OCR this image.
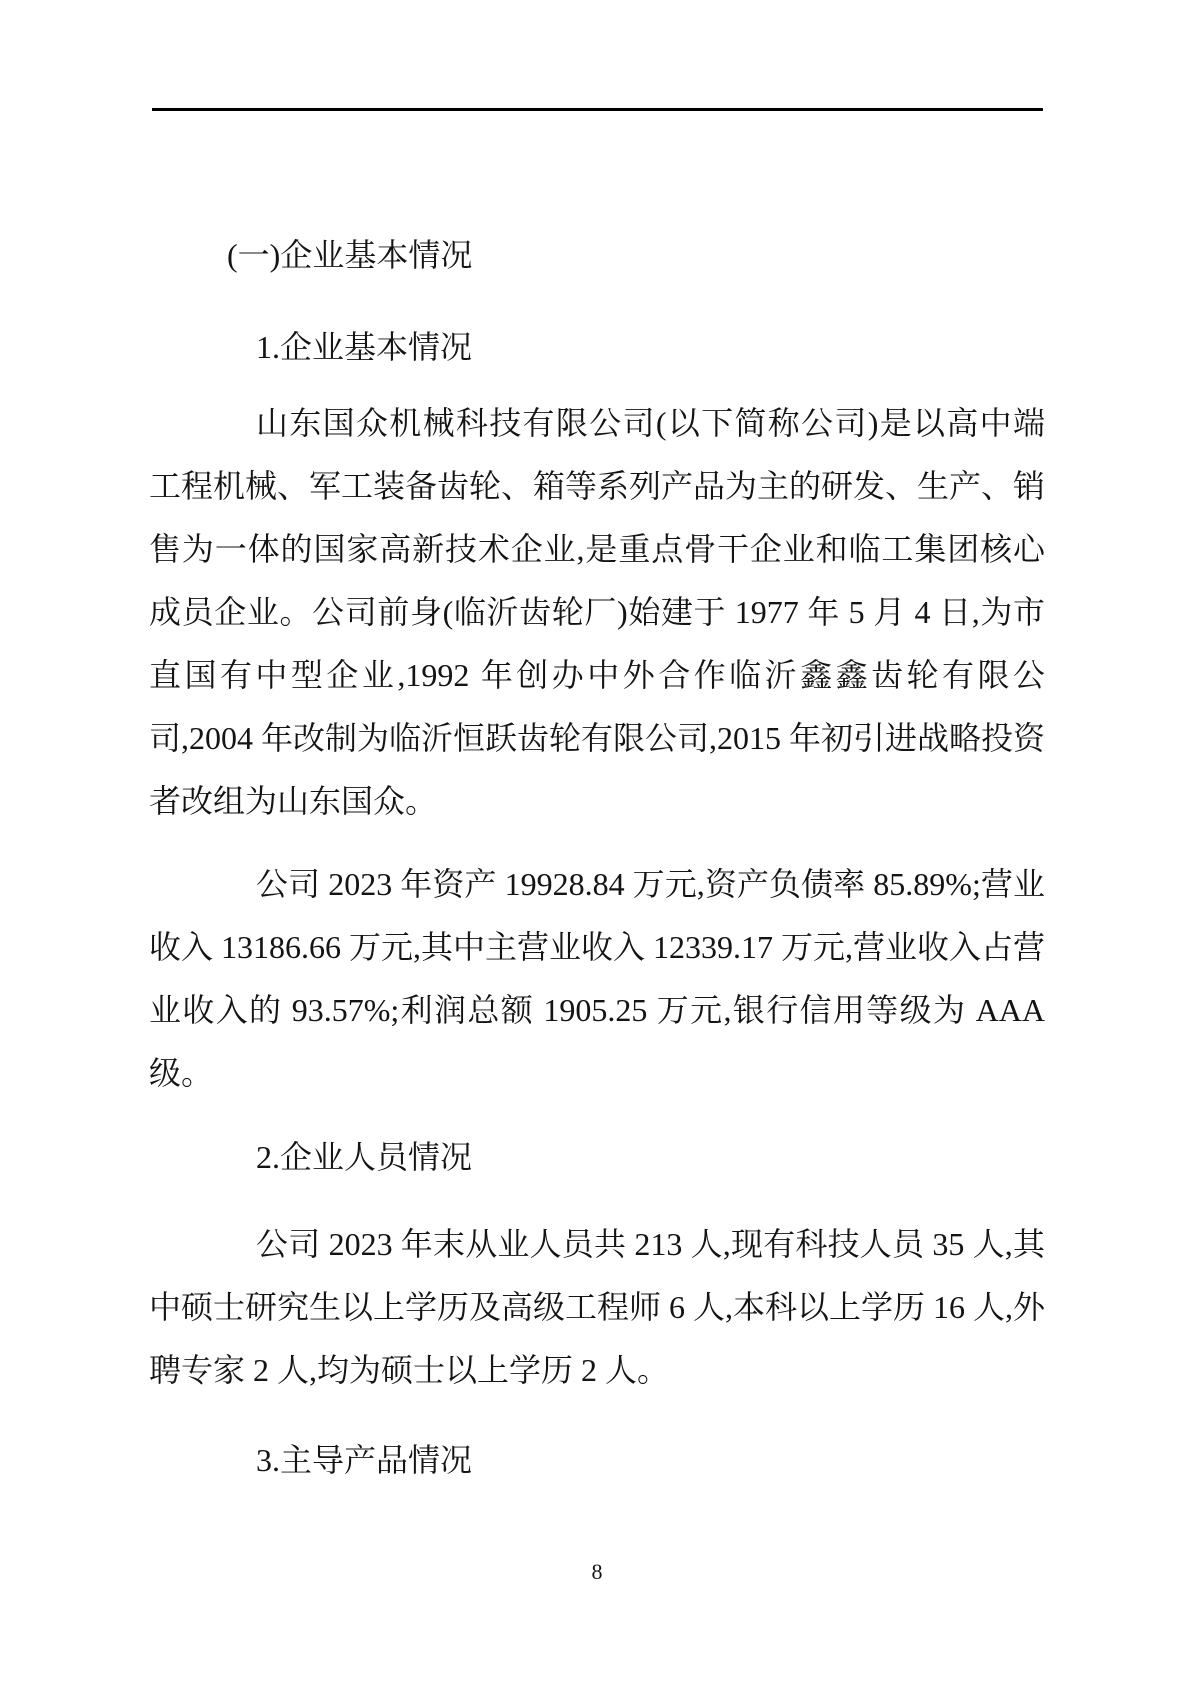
(一)企业基本情况
1.企业基本情况

山东国众机械科技有限公司(以下简称公司)是以高中端工程机械、军工装备齿轮、箱等系列产品为主的研发、生产、销售为一体的国家高新技术企业,是重点骨干企业和临工集团核心成员企业。公司前身(临沂齿轮厂)始建于 1977 年 5 月 4 日,为市直国有中型企业,1992 年创办中外合作临沂鑫鑫齿轮有限公司,2004 年改制为临沂恒跃齿轮有限公司,2015 年初引进战略投资者改组为山东国众。

公司 2023 年资产 19928.84 万元,资产负债率 85.89%;营业收入 13186.66 万元,其中主营业收入 12339.17 万元,营业收入占营业收入的 93.57%;利润总额 1905.25 万元,银行信用等级为 AAA 级。

2.企业人员情况

公司 2023 年末从业人员共 213 人,现有科技人员 35 人,其中硕士研究生以上学历及高级工程师 6 人,本科以上学历 16 人,外聘专家 2 人,均为硕士以上学历 2 人。

3.主导产品情况
8
